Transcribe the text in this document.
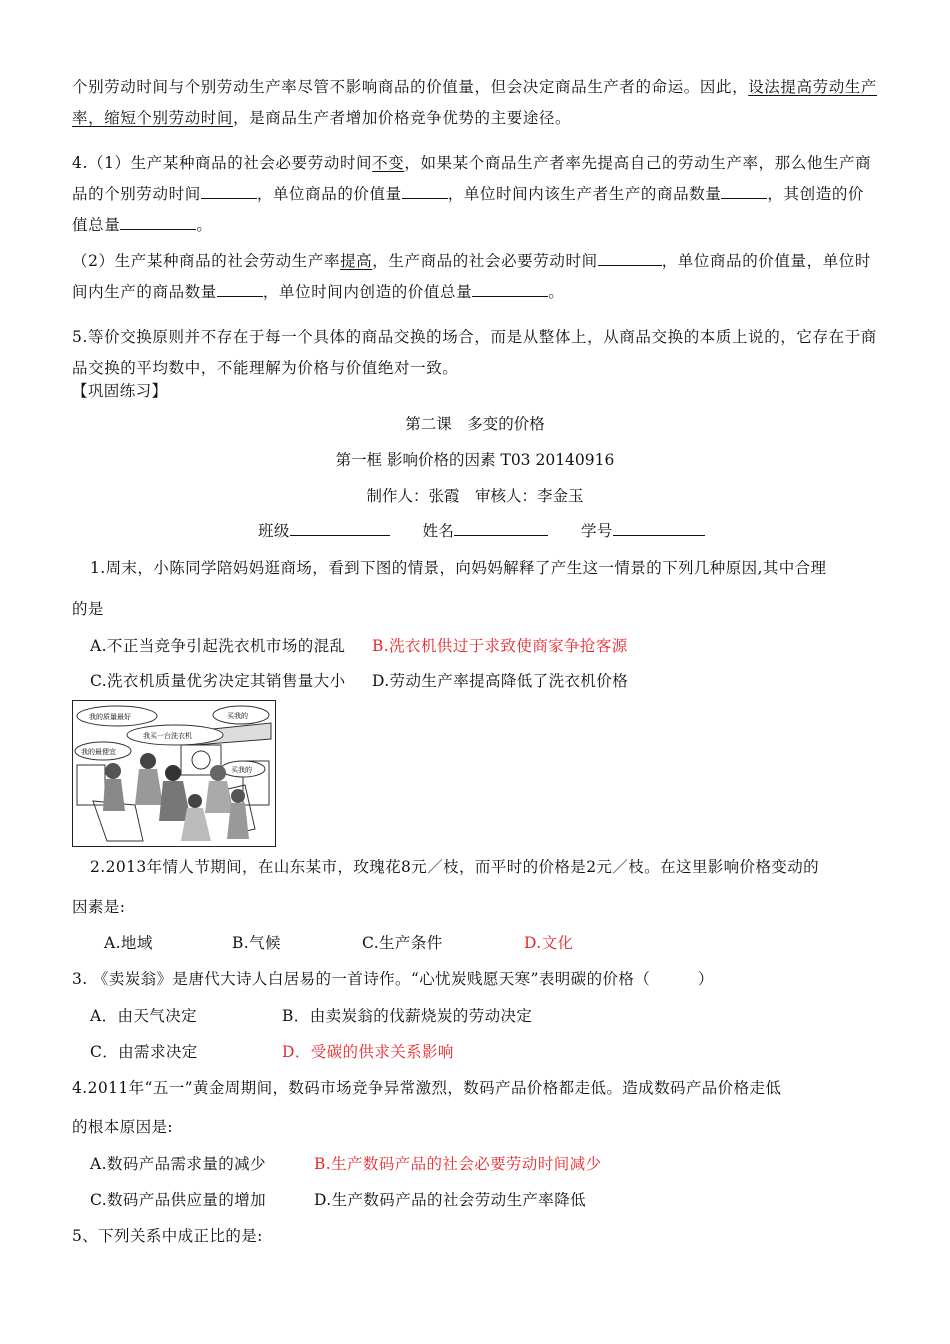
个别劳动时间与个别劳动生产率尽管不影响商品的价值量，但会决定商品生产者的命运。因此，设法提高劳动生产率，缩短个别劳动时间，是商品生产者增加价格竞争优势的主要途径。
4.（1）生产某种商品的社会必要劳动时间不变，如果某个商品生产者率先提高自己的劳动生产率，那么他生产商品的个别劳动时间	，单位商品的价值量	，单位时间内该生产者生产的商品数量	，其创造的价值总量	。
（2）生产某种商品的社会劳动生产率提高，生产商品的社会必要劳动时间	，单位商品的价值量，单位时间内生产的商品数量	，单位时间内创造的价值总量	。
5.等价交换原则并不存在于每一个具体的商品交换的场合，而是从整体上，从商品交换的本质上说的，它存在于商品交换的平均数中，不能理解为价格与价值绝对一致。
【巩固练习】
第二课　多变的价格
第一框 影响价格的因素 T03 20140916
制作人：张霞　审核人：李金玉
班级	姓名	学号
1.周末，小陈同学陪妈妈逛商场，看到下图的情景，向妈妈解释了产生这一情景的下列几种原因,其中合理
的是
A.不正当竞争引起洗衣机市场的混乱 B.洗衣机供过于求致使商家争抢客源
C.洗衣机质量优劣决定其销售量大小 D.劳动生产率提高降低了洗衣机价格
我的质量最好	买我的
我买一台洗衣机
我的最便宜
买我的
2.2013年情人节期间，在山东某市，玫瑰花8元／枝，而平时的价格是2元／枝。在这里影响价格变动的
因素是:
A.地域	B.气候	C.生产条件	D.文化
3. 《卖炭翁》是唐代大诗人白居易的一首诗作。“心忧炭贱愿天寒”表明碳的价格（　　　）
A．由天气决定	B．由卖炭翁的伐薪烧炭的劳动决定
C．由需求决定	D．受碳的供求关系影响
4.2011年“五一”黄金周期间，数码市场竞争异常激烈，数码产品价格都走低。造成数码产品价格走低
的根本原因是:
A.数码产品需求量的减少	B.生产数码产品的社会必要劳动时间减少
C.数码产品供应量的增加	D.生产数码产品的社会劳动生产率降低
5、下列关系中成正比的是:
